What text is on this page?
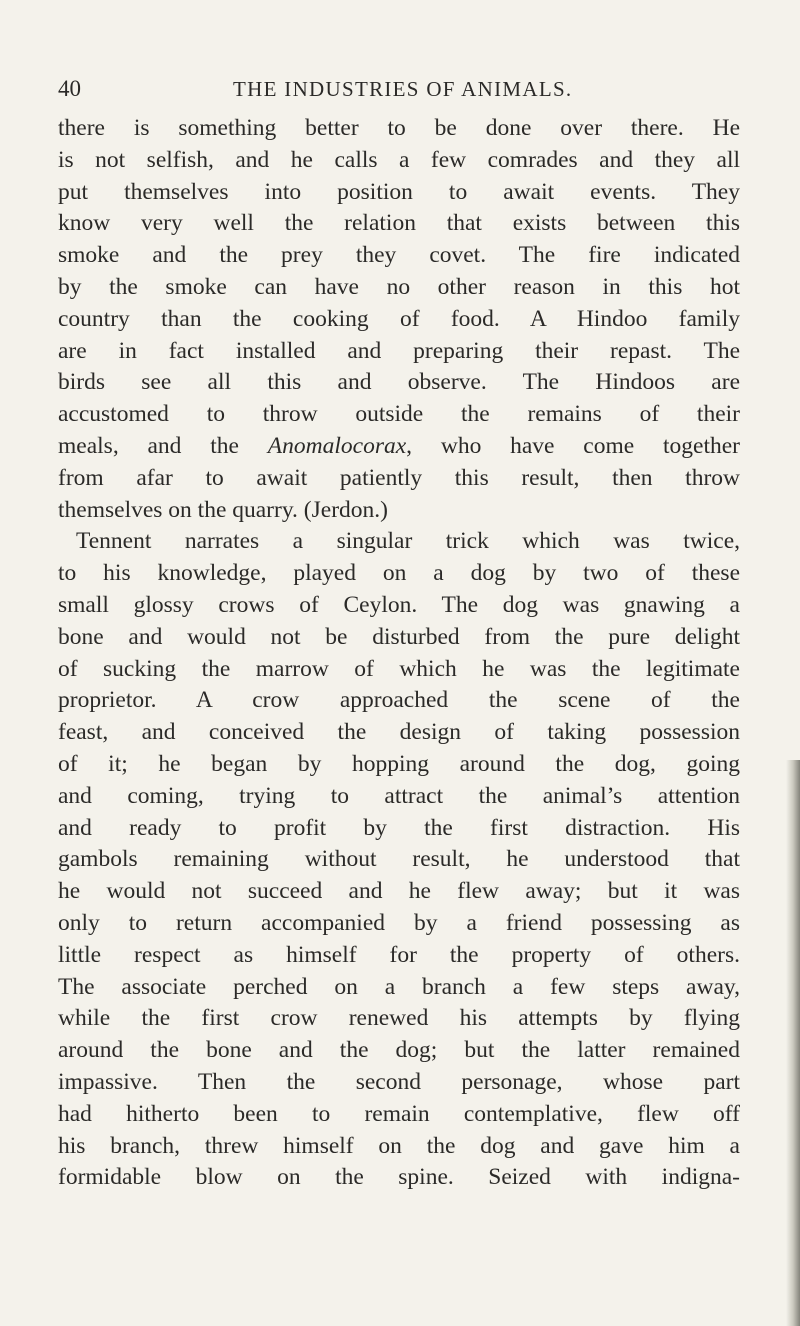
40	THE INDUSTRIES OF ANIMALS.
there is something better to be done over there. He
is not selfish, and he calls a few comrades and they all
put themselves into position to await events. They
know very well the relation that exists between this
smoke and the prey they covet. The fire indicated
by the smoke can have no other reason in this hot
country than the cooking of food. A Hindoo family
are in fact installed and preparing their repast. The
birds see all this and observe. The Hindoos are
accustomed to throw outside the remains of their
meals, and the Anomalocorax, who have come together
from afar to await patiently this result, then throw
themselves on the quarry. (Jerdon.)
Tennent narrates a singular trick which was twice,
to his knowledge, played on a dog by two of these
small glossy crows of Ceylon. The dog was gnawing a
bone and would not be disturbed from the pure delight
of sucking the marrow of which he was the legitimate
proprietor. A crow approached the scene of the
feast, and conceived the design of taking possession
of it; he began by hopping around the dog, going
and coming, trying to attract the animal’s attention
and ready to profit by the first distraction. His
gambols remaining without result, he understood that
he would not succeed and he flew away; but it was
only to return accompanied by a friend possessing as
little respect as himself for the property of others.
The associate perched on a branch a few steps away,
while the first crow renewed his attempts by flying
around the bone and the dog; but the latter remained
impassive. Then the second personage, whose part
had hitherto been to remain contemplative, flew off
his branch, threw himself on the dog and gave him a
formidable blow on the spine. Seized with indigna-
